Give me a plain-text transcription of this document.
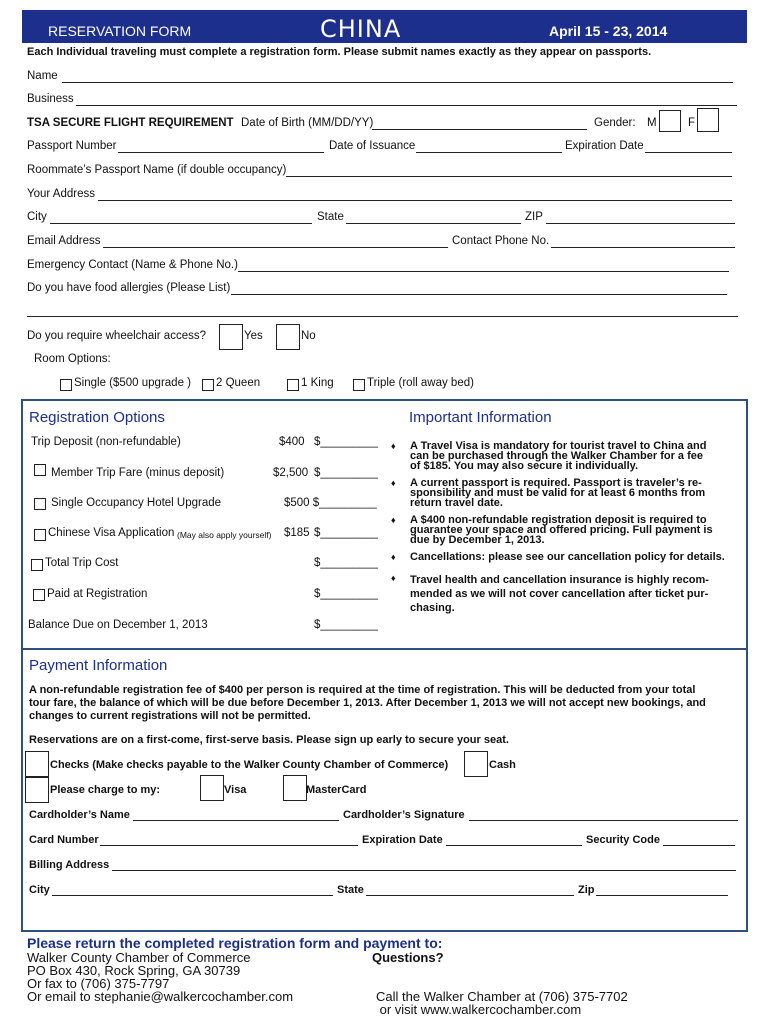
RESERVATION FORM	CHINA	April 15 - 23, 2014
Each Individual traveling must complete a registration form. Please submit names exactly as they appear on passports.
Name
Business
TSA SECURE FLIGHT REQUIREMENT Date of Birth (MM/DD/YY)	Gender: M	F
Passport Number	Date of Issuance	Expiration Date
Roommate’s Passport Name (if double occupancy)
Your Address
City	State	ZIP
Email Address	Contact Phone No.
Emergency Contact (Name & Phone No.)
Do you have food allergies (Please List)
Do you require wheelchair access?	Yes	No
Room Options:
Single ($500 upgrade ) 2 Queen	1 King	Triple (roll away bed)
Registration Options	Important Information
Trip Deposit (non-refundable)	$400 $_________
Member Trip Fare (minus deposit)	$2,500 $_________
Single Occupancy Hotel Upgrade	$500 $_________
Chinese Visa Application (May also apply yourself) $185 $_________
Total Trip Cost	$_________
Paid at Registration	$_________
Balance Due on December 1, 2013	$_________
♦ A Travel Visa is mandatory for tourist travel to China and
can be purchased through the Walker Chamber for a fee
of $185. You may also secure it individually.
♦ A current passport is required. Passport is traveler’s re-
sponsibility and must be valid for at least 6 months from
return travel date.
♦ A $400 non-refundable registration deposit is required to
guarantee your space and offered pricing. Full payment is
due by December 1, 2013.
♦ Cancellations: please see our cancellation policy for details.
♦ Travel health and cancellation insurance is highly recom-
mended as we will not cover cancellation after ticket pur-
chasing.
Payment Information
A non-refundable registration fee of $400 per person is required at the time of registration. This will be deducted from your total
tour fare, the balance of which will be due before December 1, 2013. After December 1, 2013 we will not accept new bookings, and
changes to current registrations will not be permitted.
Reservations are on a first-come, first-serve basis. Please sign up early to secure your seat.
Checks (Make checks payable to the Walker County Chamber of Commerce)	Cash
Please charge to my:	Visa	MasterCard
Cardholder’s Name	Cardholder’s Signature
Card Number	Expiration Date	Security Code
Billing Address
City	State	Zip
Please return the completed registration form and payment to:
Walker County Chamber of Commerce
PO Box 430, Rock Spring, GA 30739
Or fax to (706) 375-7797
Or email to stephanie@walkercochamber.com
Questions?

Call the Walker Chamber at (706) 375-7702
or visit www.walkercochamber.com
